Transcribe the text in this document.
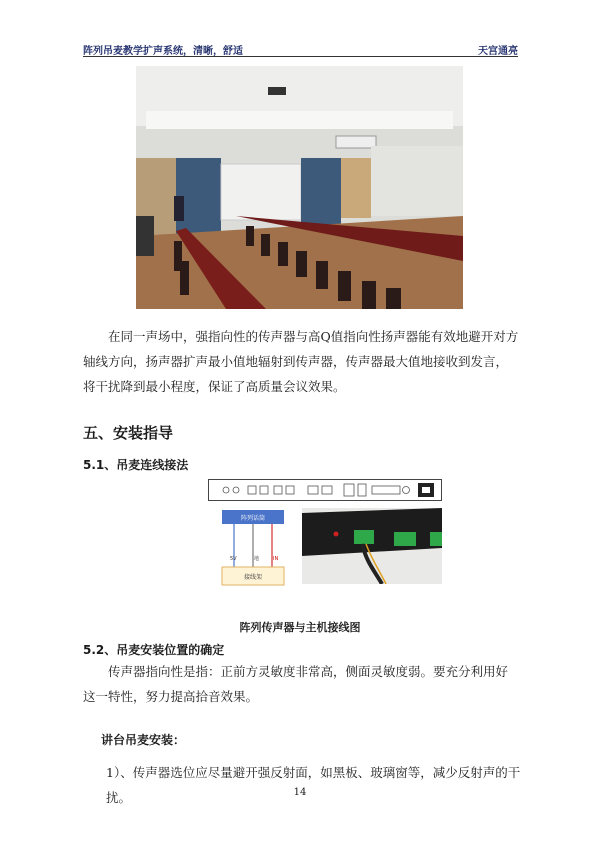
阵列吊麦教学扩声系统，清晰，舒适	天宫通亮
在同一声场中，强指向性的传声器与高Q值指向性扬声器能有效地避开对方轴线方向，扬声器扩声最小值地辐射到传声器，传声器最大值地接收到发言，将干扰降到最小程度，保证了高质量会议效果。
五、安装指导
5.1、吊麦连线接法
阵列话筒
5V	地	IN
接线架
阵列传声器与主机接线图
5.2、吊麦安装位置的确定
传声器指向性是指：正前方灵敏度非常高，侧面灵敏度弱。要充分利用好这一特性，努力提高拾音效果。
讲台吊麦安装：
1）、传声器选位应尽量避开强反射面，如黑板、玻璃窗等，减少反射声的干扰。	14
